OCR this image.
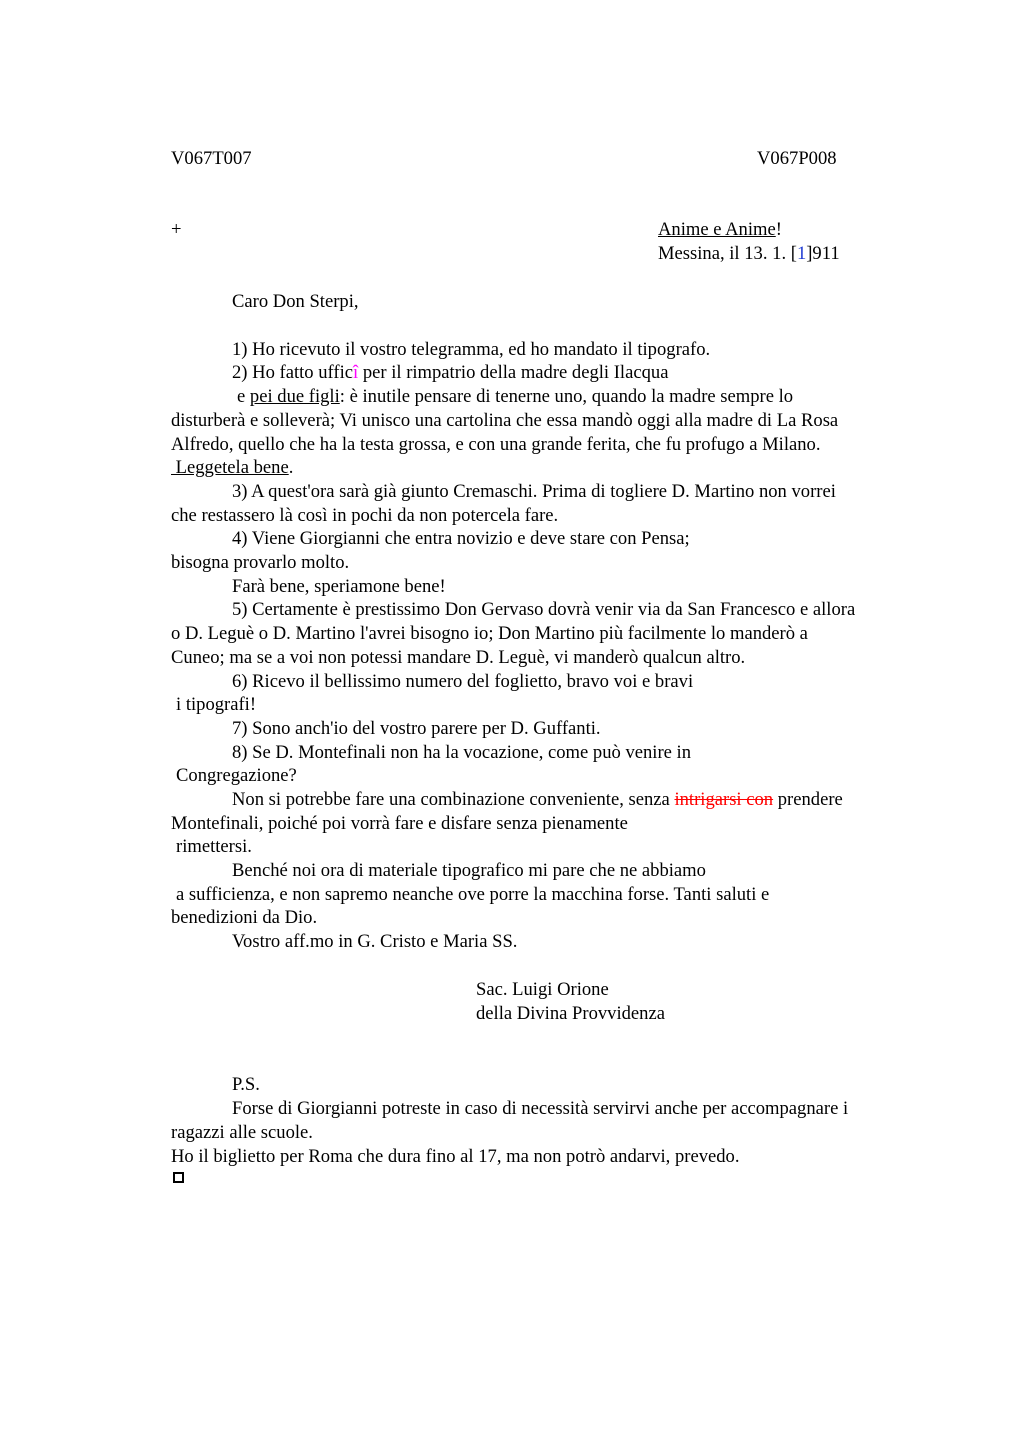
V067T007	V067P008
+	Anime e Anime!
Messina, il 13. 1. [1]911
Caro Don Sterpi,
1) Ho ricevuto il vostro telegramma, ed ho mandato il tipografo.
2) Ho fatto ufficî per il rimpatrio della madre degli Ilacqua
e pei due figli: è inutile pensare di tenerne uno, quando la madre sempre lo
disturberà e solleverà; Vi unisco una cartolina che essa mandò oggi alla madre di La Rosa
Alfredo, quello che ha la testa grossa, e con una grande ferita, che fu profugo a Milano.
Leggetela bene.
3) A quest'ora sarà già giunto Cremaschi. Prima di togliere D. Martino non vorrei
che restassero là così in pochi da non potercela fare.
4) Viene Giorgianni che entra novizio e deve stare con Pensa;
bisogna provarlo molto.
Farà bene, speriamone bene!
5) Certamente è prestissimo Don Gervaso dovrà venir via da San Francesco e allora
o D. Leguè o D. Martino l'avrei bisogno io; Don Martino più facilmente lo manderò a
Cuneo; ma se a voi non potessi mandare D. Leguè, vi manderò qualcun altro.
6) Ricevo il bellissimo numero del foglietto, bravo voi e bravi
i tipografi!
7) Sono anch'io del vostro parere per D. Guffanti.
8) Se D. Montefinali non ha la vocazione, come può venire in
Congregazione?
Non si potrebbe fare una combinazione conveniente, senza intrigarsi con prendere
Montefinali, poiché poi vorrà fare e disfare senza pienamente
rimettersi.
Benché noi ora di materiale tipografico mi pare che ne abbiamo
a sufficienza, e non sapremo neanche ove porre la macchina forse. Tanti saluti e
benedizioni da Dio.
Vostro aff.mo in G. Cristo e Maria SS.
Sac. Luigi Orione
della Divina Provvidenza
P.S.
Forse di Giorgianni potreste in caso di necessità servirvi anche per accompagnare i
ragazzi alle scuole.
Ho il biglietto per Roma che dura fino al 17, ma non potrò andarvi, prevedo.
